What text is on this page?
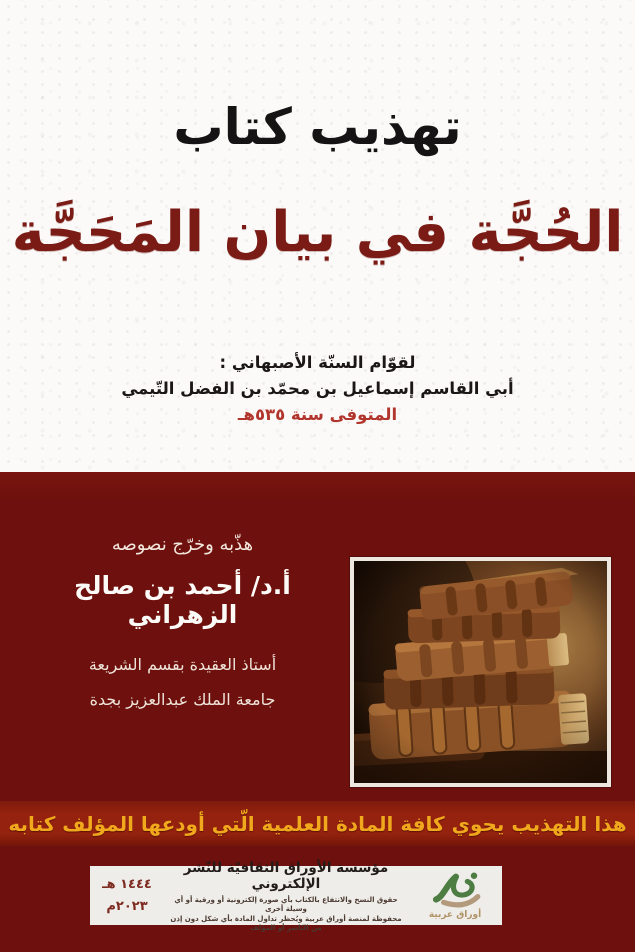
تهذيب كتاب
الحُجَّة في بيان المَحَجَّة
لقوّام السنّة الأصبهاني :
أبي القاسم إسماعيل بن محمّد بن الفضل التّيمي
المتوفى سنة ٥٣٥هـ

هذّبه وخرّج نصوصه

أ.د/ أحمد بن صالح الزهراني

أستاذ العقيدة بقسم الشريعة

جامعة الملك عبدالعزيز بجدة

هذا التهذيب يحوي كافة المادة العلمية الّتي أودعها المؤلف كتابه
أوراق عربية

مؤسسة الأوراق الثقافيّة للنّشر الإلكتروني

حقوق النسخ والانتفاع بالكتاب بأي صورة إلكترونية أو ورقية أو أي وسيلة أخرى

محفوظة لمنصة أوراق عربية ويُحظر تداول المادة بأي شكل دون إذن من النّاشر أو المؤلف

١٤٤٤ هـ
٢٠٢٣م
